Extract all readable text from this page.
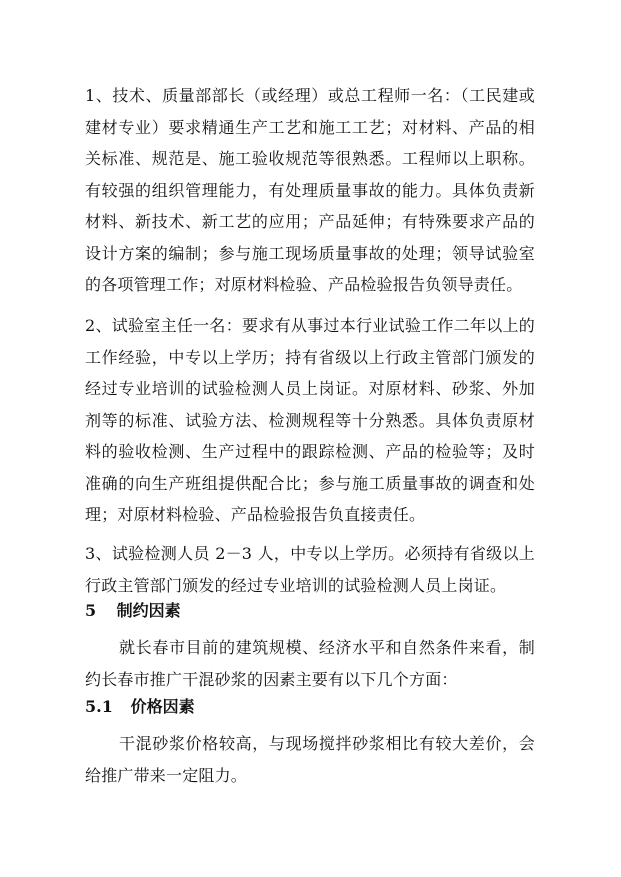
1、技术、质量部部长（或经理）或总工程师一名：（工民建或建材专业）要求精通生产工艺和施工工艺；对材料、产品的相关标准、规范是、施工验收规范等很熟悉。工程师以上职称。有较强的组织管理能力，有处理质量事故的能力。具体负责新材料、新技术、新工艺的应用；产品延伸；有特殊要求产品的设计方案的编制；参与施工现场质量事故的处理；领导试验室的各项管理工作；对原材料检验、产品检验报告负领导责任。

2、试验室主任一名：要求有从事过本行业试验工作二年以上的工作经验，中专以上学历；持有省级以上行政主管部门颁发的经过专业培训的试验检测人员上岗证。对原材料、砂浆、外加剂等的标准、试验方法、检测规程等十分熟悉。具体负责原材料的验收检测、生产过程中的跟踪检测、产品的检验等；及时准确的向生产班组提供配合比；参与施工质量事故的调查和处理；对原材料检验、产品检验报告负直接责任。

3、试验检测人员 2－3 人，中专以上学历。必须持有省级以上行政主管部门颁发的经过专业培训的试验检测人员上岗证。

5 制约因素

就长春市目前的建筑规模、经济水平和自然条件来看，制约长春市推广干混砂浆的因素主要有以下几个方面：

5.1 价格因素

干混砂浆价格较高，与现场搅拌砂浆相比有较大差价，会给推广带来一定阻力。
